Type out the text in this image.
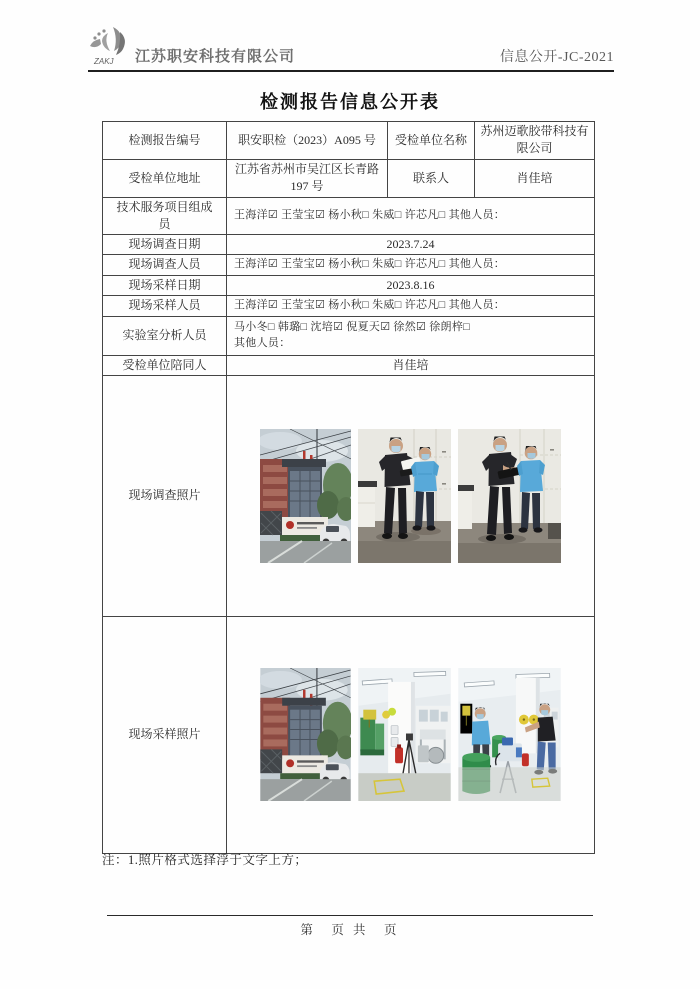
ZAKJ 江苏职安科技有限公司	信息公开-JC-2021
检测报告信息公开表
检测报告编号	职安职检（2023）A095 号	受检单位名称	苏州迈歌胶带科技有限公司
受检单位地址	江苏省苏州市吴江区长青路197 号	联系人	肖佳培
技术服务项目组成员	王海洋☑ 王莹宝☑ 杨小秋□ 朱威□ 许芯凡□ 其他人员：		
现场调查日期	2023.7.24		
现场调查人员	王海洋☑ 王莹宝☑ 杨小秋□ 朱威□ 许芯凡□ 其他人员：		
现场采样日期	2023.8.16		
现场采样人员	王海洋☑ 王莹宝☑ 杨小秋□ 朱威□ 许芯凡□ 其他人员：		
实验室分析人员	马小冬□ 韩璐□ 沈培☑ 倪夏天☑ 徐然☑ 徐朗梓□
其他人员：		

受检单位陪同人	肖佳培		
现场调查照片	

现场采样照片	
注：1.照片格式选择浮于文字上方；
第　页 共　页
